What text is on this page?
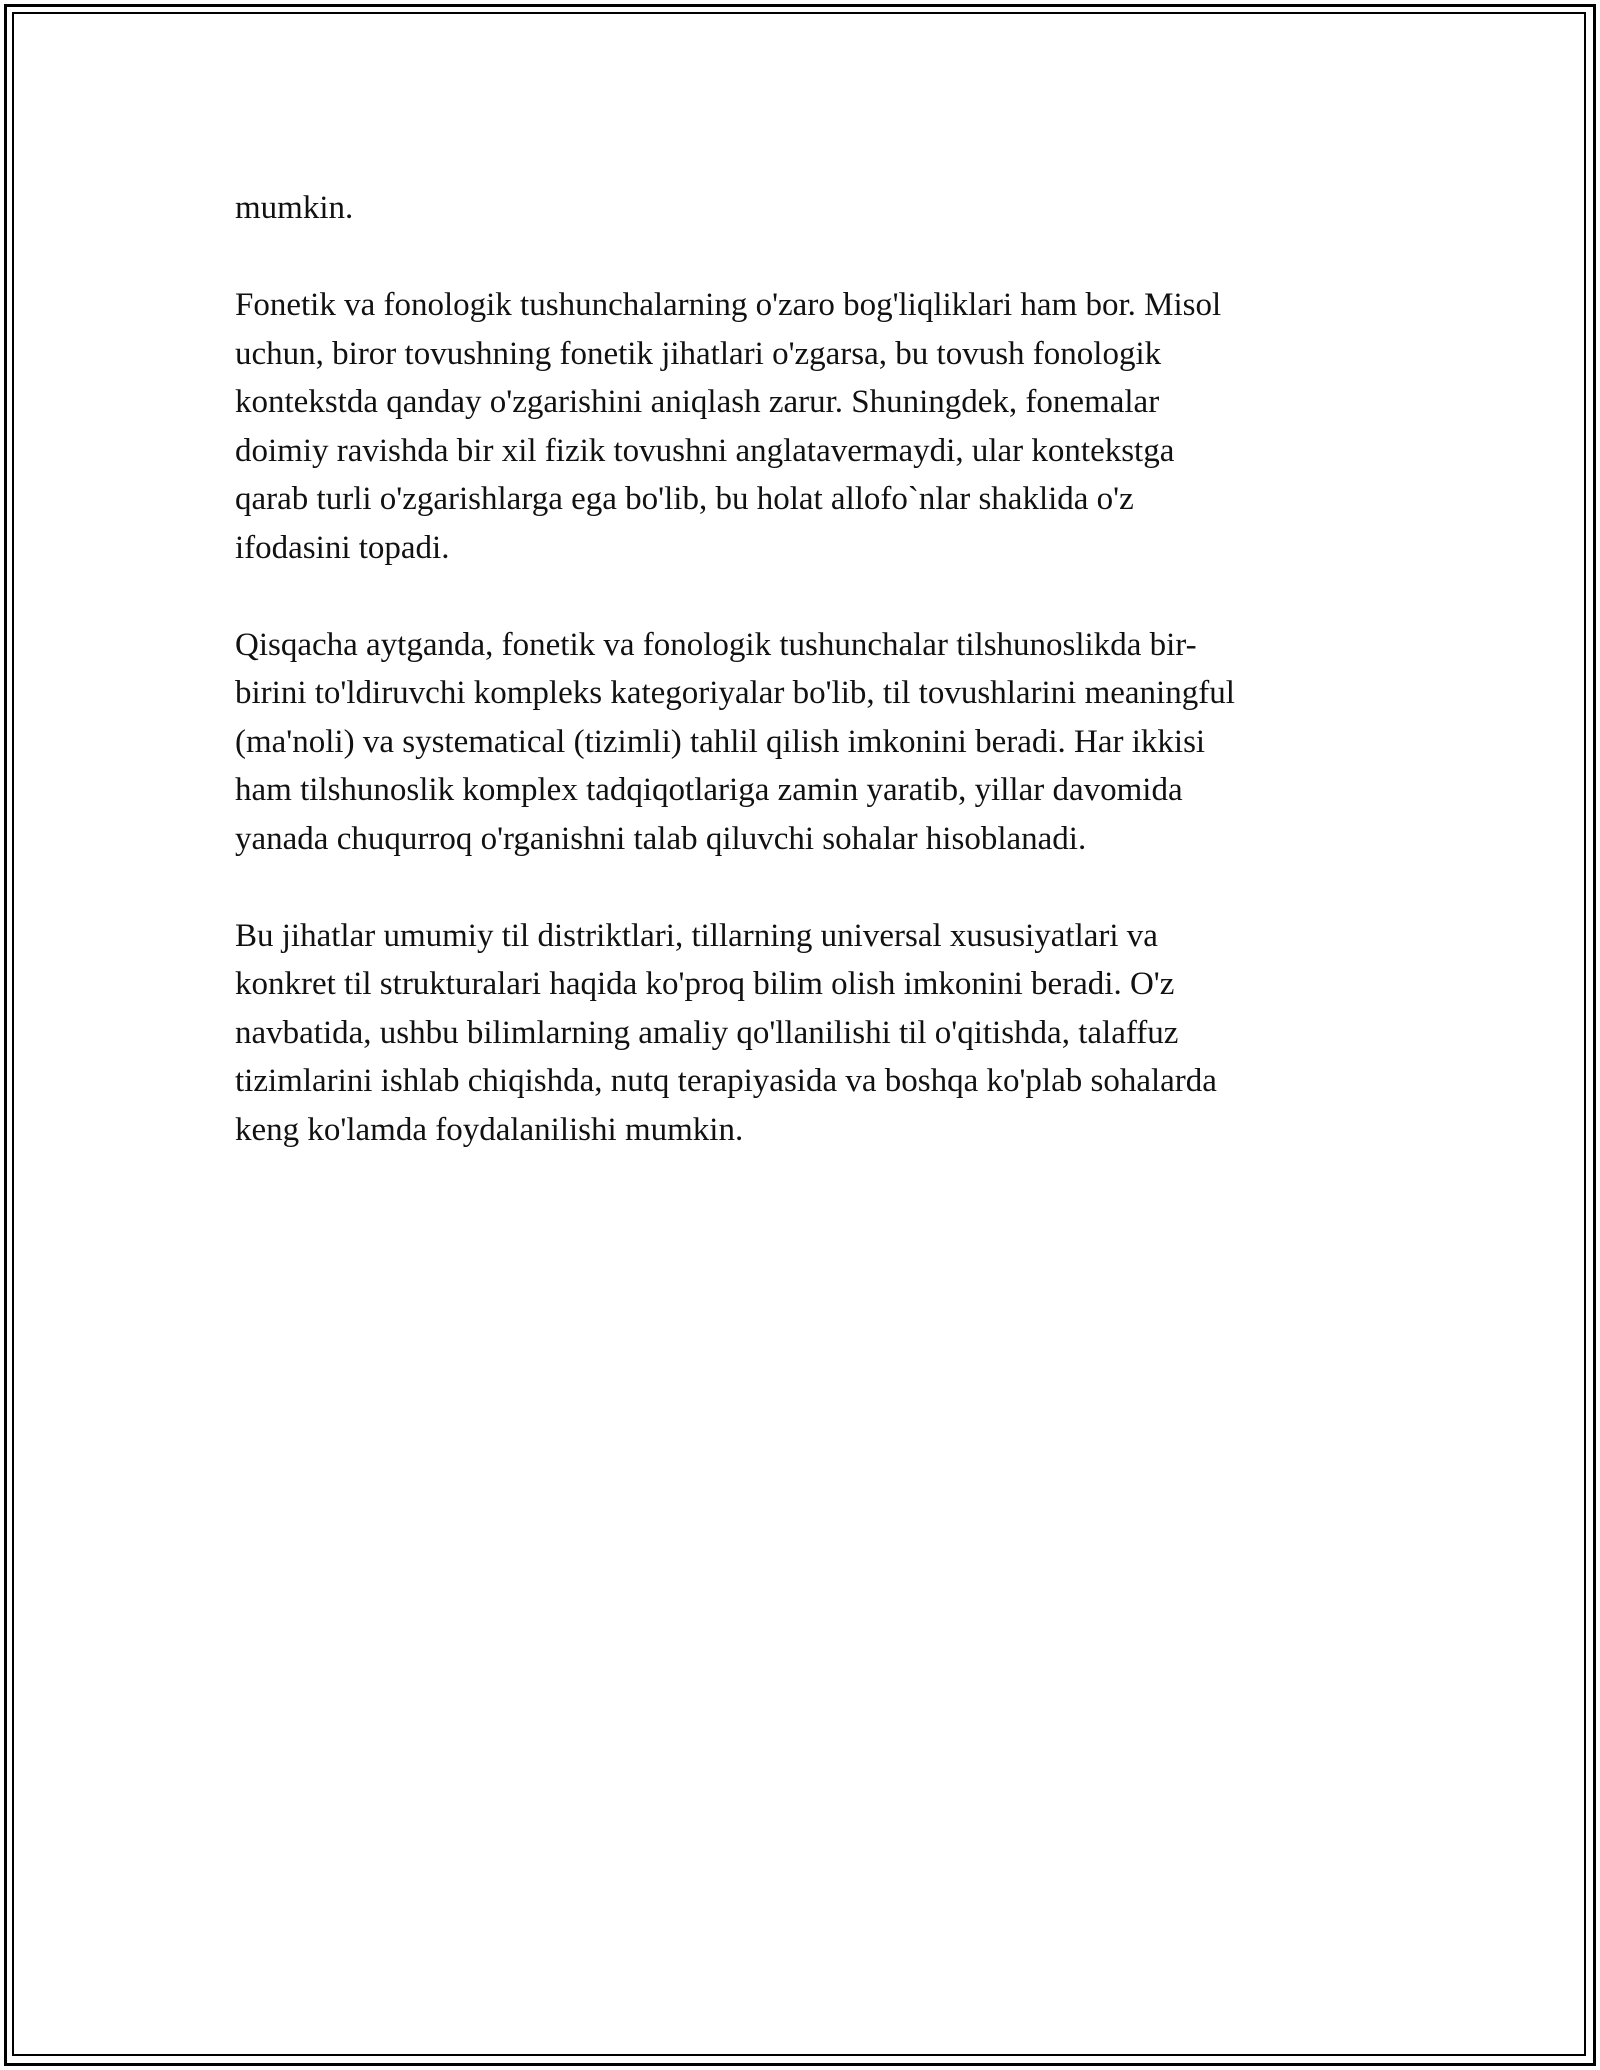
mumkin.

Fonetik va fonologik tushunchalarning o'zaro bog'liqliklari ham bor. Misol
uchun, biror tovushning fonetik jihatlari o'zgarsa, bu tovush fonologik
kontekstda qanday o'zgarishini aniqlash zarur. Shuningdek, fonemalar
doimiy ravishda bir xil fizik tovushni anglatavermaydi, ular kontekstga
qarab turli o'zgarishlarga ega bo'lib, bu holat allofo`nlar shaklida o'z
ifodasini topadi.

Qisqacha aytganda, fonetik va fonologik tushunchalar tilshunoslikda bir-
birini to'ldiruvchi kompleks kategoriyalar bo'lib, til tovushlarini meaningful
(ma'noli) va systematical (tizimli) tahlil qilish imkonini beradi. Har ikkisi
ham tilshunoslik komplex tadqiqotlariga zamin yaratib, yillar davomida
yanada chuqurroq o'rganishni talab qiluvchi sohalar hisoblanadi.

Bu jihatlar umumiy til distriktlari, tillarning universal xususiyatlari va
konkret til strukturalari haqida ko'proq bilim olish imkonini beradi. O'z
navbatida, ushbu bilimlarning amaliy qo'llanilishi til o'qitishda, talaffuz
tizimlarini ishlab chiqishda, nutq terapiyasida va boshqa ko'plab sohalarda
keng ko'lamda foydalanilishi mumkin.
